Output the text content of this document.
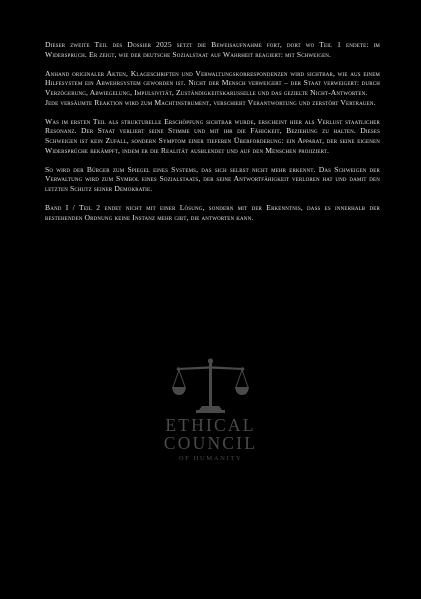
Dieser zweite Teil des Dossier 2025 setzt die Beweisaufnahme fort, dort wo Teil 1 endete: im Widerspruch. Er zeigt, wie der deutsche Sozialstaat auf Wahrheit reagiert: mit Schweigen.

Anhand originaler Akten, Klageschriften und Verwaltungskorrespondenzen wird sichtbar, wie aus einem Hilfesystem ein Abwehrsystem geworden ist. Nicht der Mensch verweigert – der Staat verweigert: durch Verzögerung, Abwiegelung, Impulsivität, Zuständigkeitskarusselle und das gezielte Nicht-Antworten.

Jede versäumte Reaktion wird zum Machtinstrument, verschiebt Verantwortung und zerstört Vertrauen.

Was im ersten Teil als strukturelle Erschöpfung sichtbar wurde, erscheint hier als Verlust staatlicher Resonanz. Der Staat verliert seine Stimme und mit ihr die Fähigkeit, Beziehung zu halten. Dieses Schweigen ist kein Zufall, sondern Symptom einer tieferen Überforderung: ein Apparat, der seine eigenen Widersprüche bekämpft, indem er die Realität ausblendet und auf den Menschen projiziert.

So wird der Bürger zum Spiegel eines Systems, das sich selbst nicht mehr erkennt. Das Schweigen der Verwaltung wird zum Symbol eines Sozialstaats, der seine Antwortfähigkeit verloren hat und damit den letzten Schutz seiner Demokratie.

Band I / Teil 2 endet nicht mit einer Lösung, sondern mit der Erkenntnis, dass es innerhalb der bestehenden Ordnung keine Instanz mehr gibt, die antworten kann.

ETHICAL
COUNCIL
OF HUMANITY
